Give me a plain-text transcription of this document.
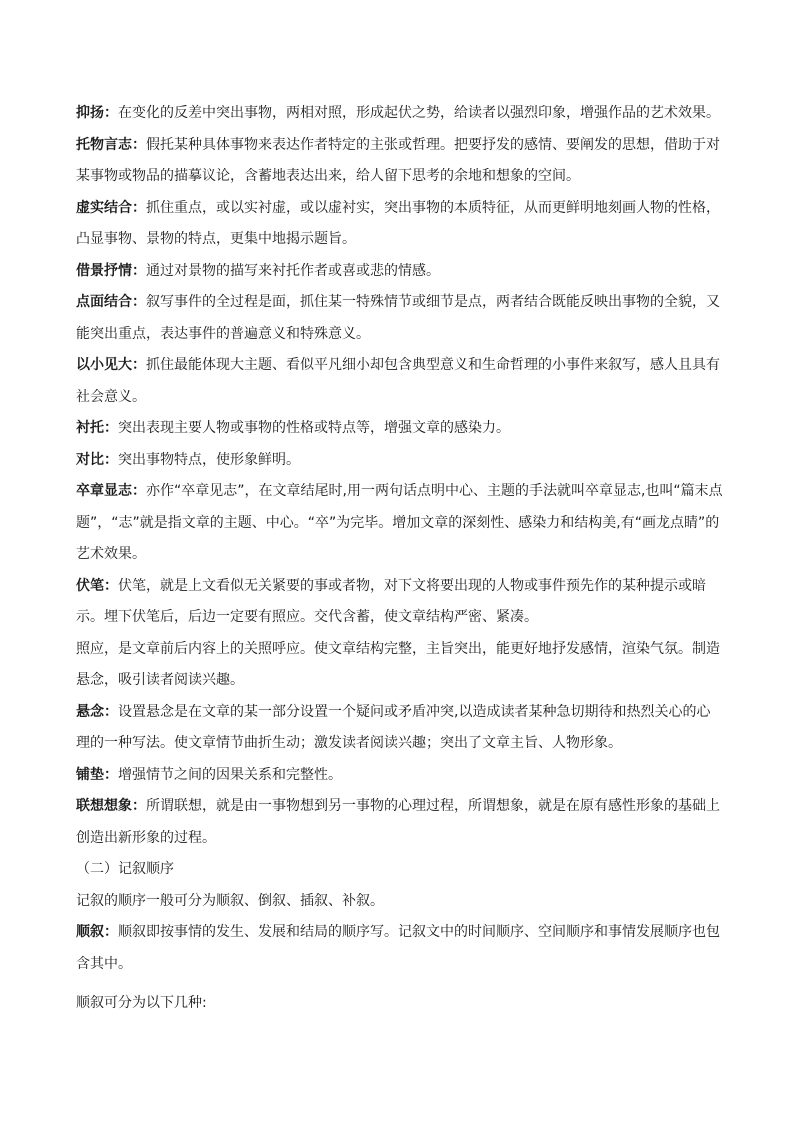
抑扬：在变化的反差中突出事物，两相对照，形成起伏之势，给读者以强烈印象，增强作品的艺术效果。

托物言志：假托某种具体事物来表达作者特定的主张或哲理。把要抒发的感情、要阐发的思想，借助于对某事物或物品的描摹议论，含蓄地表达出来，给人留下思考的余地和想象的空间。

虚实结合：抓住重点，或以实衬虚，或以虚衬实，突出事物的本质特征，从而更鲜明地刻画人物的性格，凸显事物、景物的特点，更集中地揭示题旨。

借景抒情：通过对景物的描写来衬托作者或喜或悲的情感。

点面结合：叙写事件的全过程是面，抓住某一特殊情节或细节是点，两者结合既能反映出事物的全貌，又能突出重点，表达事件的普遍意义和特殊意义。

以小见大：抓住最能体现大主题、看似平凡细小却包含典型意义和生命哲理的小事件来叙写，感人且具有社会意义。

衬托：突出表现主要人物或事物的性格或特点等，增强文章的感染力。

对比：突出事物特点，使形象鲜明。

卒章显志：亦作“卒章见志”，在文章结尾时,用一两句话点明中心、主题的手法就叫卒章显志,也叫“篇末点题”，“志”就是指文章的主题、中心。“卒”为完毕。增加文章的深刻性、感染力和结构美,有“画龙点睛”的艺术效果。

伏笔：伏笔，就是上文看似无关紧要的事或者物，对下文将要出现的人物或事件预先作的某种提示或暗示。埋下伏笔后，后边一定要有照应。交代含蓄，使文章结构严密、紧凑。

照应，是文章前后内容上的关照呼应。使文章结构完整，主旨突出，能更好地抒发感情，渲染气氛。制造悬念，吸引读者阅读兴趣。

悬念：设置悬念是在文章的某一部分设置一个疑问或矛盾冲突,以造成读者某种急切期待和热烈关心的心理的一种写法。使文章情节曲折生动；激发读者阅读兴趣；突出了文章主旨、人物形象。

铺垫：增强情节之间的因果关系和完整性。

联想想象：所谓联想，就是由一事物想到另一事物的心理过程，所谓想象，就是在原有感性形象的基础上创造出新形象的过程。

（二）记叙顺序

记叙的顺序一般可分为顺叙、倒叙、插叙、补叙。

顺叙：顺叙即按事情的发生、发展和结局的顺序写。记叙文中的时间顺序、空间顺序和事情发展顺序也包含其中。

顺叙可分为以下几种:
